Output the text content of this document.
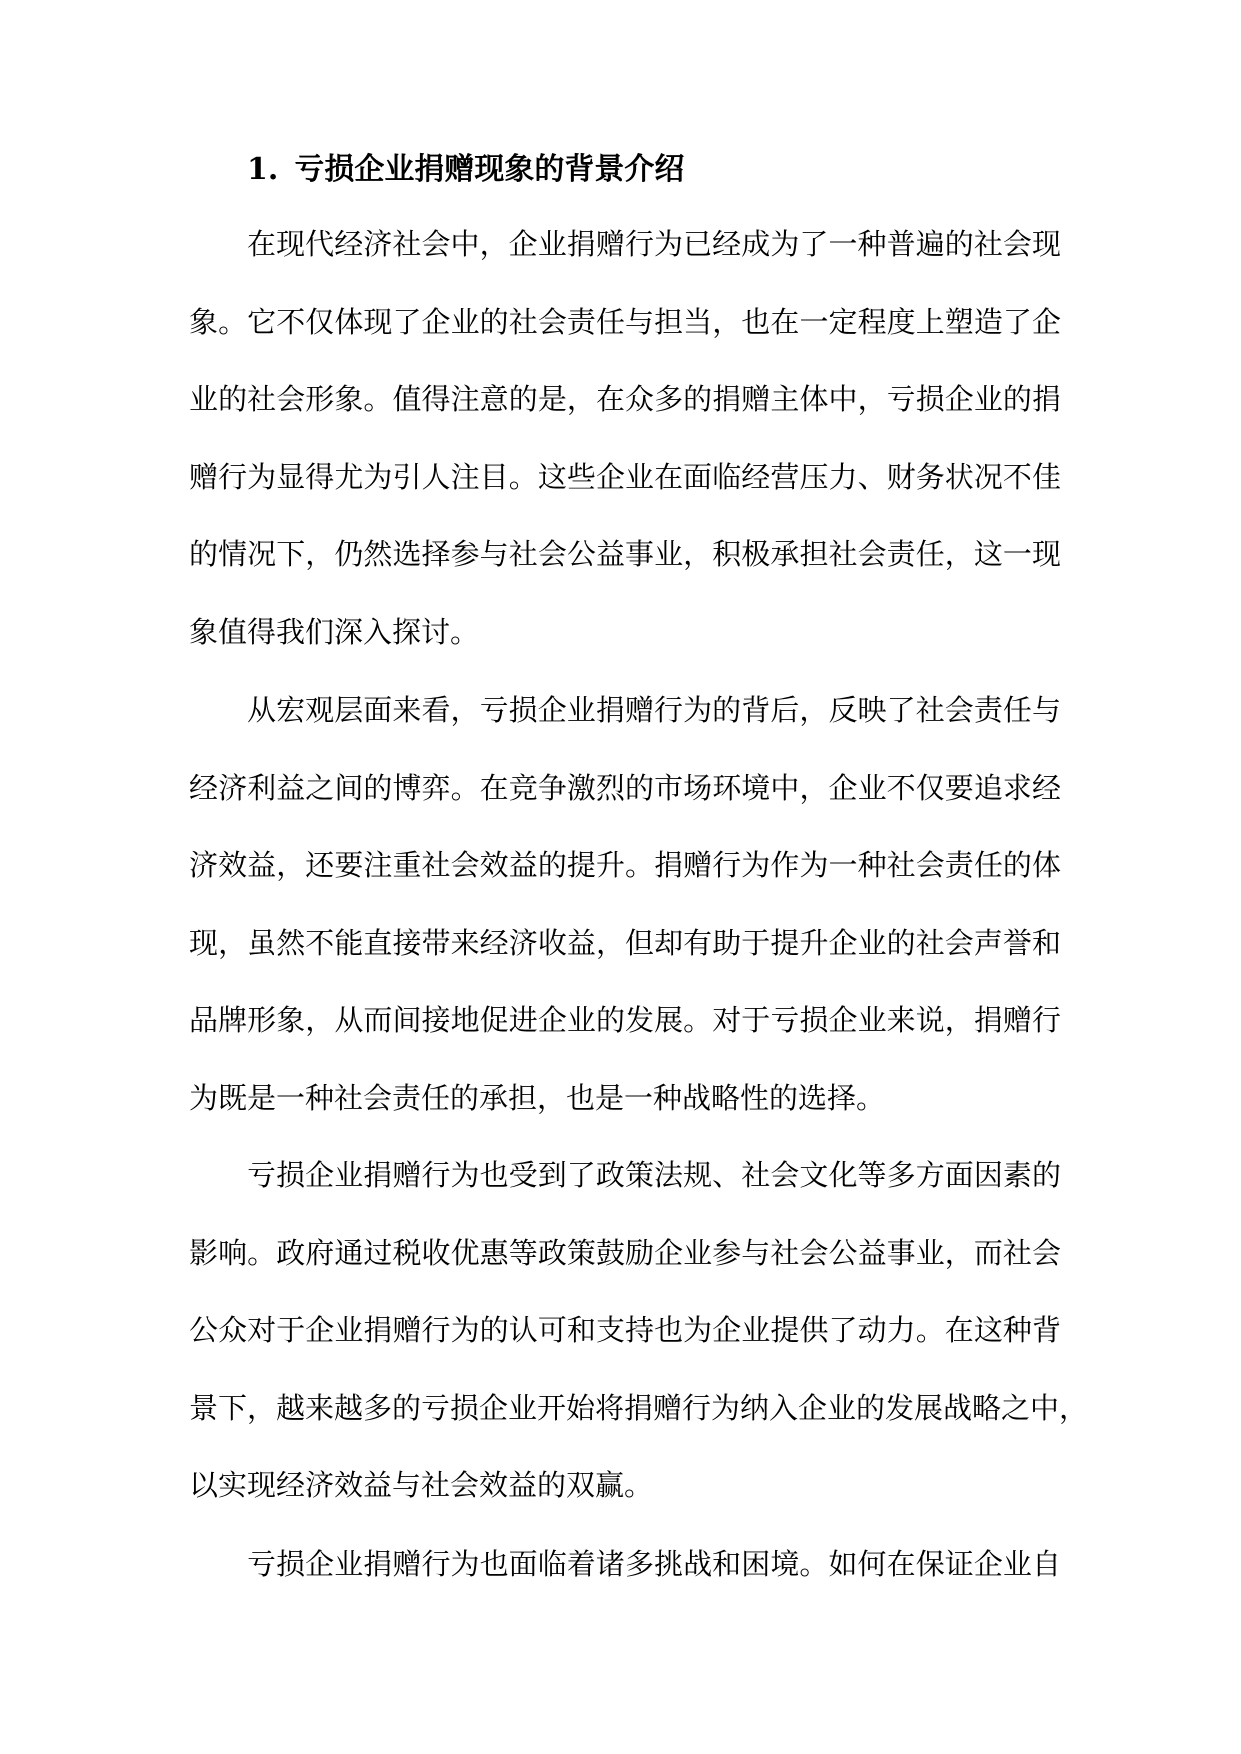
1. 亏损企业捐赠现象的背景介绍
在现代经济社会中，企业捐赠行为已经成为了一种普遍的社会现
象。它不仅体现了企业的社会责任与担当，也在一定程度上塑造了企
业的社会形象。值得注意的是，在众多的捐赠主体中，亏损企业的捐
赠行为显得尤为引人注目。这些企业在面临经营压力、财务状况不佳
的情况下，仍然选择参与社会公益事业，积极承担社会责任，这一现
象值得我们深入探讨。
从宏观层面来看，亏损企业捐赠行为的背后，反映了社会责任与
经济利益之间的博弈。在竞争激烈的市场环境中，企业不仅要追求经
济效益，还要注重社会效益的提升。捐赠行为作为一种社会责任的体
现，虽然不能直接带来经济收益，但却有助于提升企业的社会声誉和
品牌形象，从而间接地促进企业的发展。对于亏损企业来说，捐赠行
为既是一种社会责任的承担，也是一种战略性的选择。
亏损企业捐赠行为也受到了政策法规、社会文化等多方面因素的
影响。政府通过税收优惠等政策鼓励企业参与社会公益事业，而社会
公众对于企业捐赠行为的认可和支持也为企业提供了动力。在这种背
景下，越来越多的亏损企业开始将捐赠行为纳入企业的发展战略之中，
以实现经济效益与社会效益的双赢。
亏损企业捐赠行为也面临着诸多挑战和困境。如何在保证企业自
